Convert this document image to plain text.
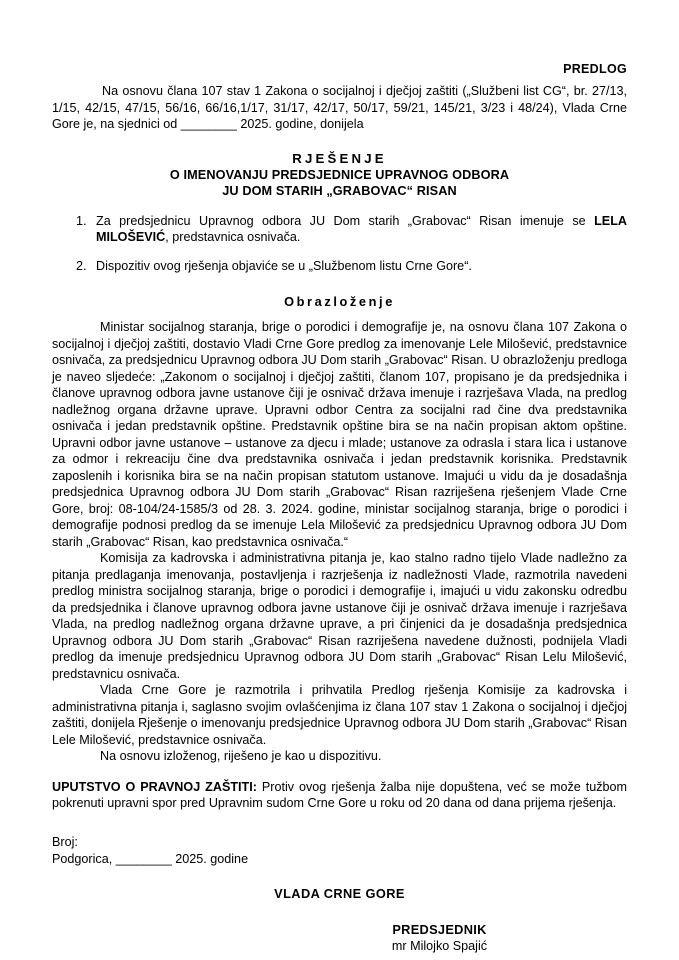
PREDLOG
Na osnovu člana 107 stav 1 Zakona o socijalnoj i dječjoj zaštiti („Službeni list CG“, br. 27/13, 1/15, 42/15, 47/15, 56/16, 66/16,1/17, 31/17, 42/17, 50/17, 59/21, 145/21, 3/23 i 48/24), Vlada Crne Gore je, na sjednici od ________ 2025. godine, donijela
RJEŠENJE
O IMENOVANJU PREDSJEDNICE UPRAVNOG ODBORA
JU DOM STARIH „GRABOVAC“ RISAN
1. Za predsjednicu Upravnog odbora JU Dom starih „Grabovac“ Risan imenuje se LELA MILOŠEVIĆ, predstavnica osnivača.
2. Dispozitiv ovog rješenja objaviće se u „Službenom listu Crne Gore“.
Obrazloženje

Ministar socijalnog staranja, brige o porodici i demografije je, na osnovu člana 107 Zakona o socijalnoj i dječjoj zaštiti, dostavio Vladi Crne Gore predlog za imenovanje Lele Milošević, predstavnice osnivača, za predsjednicu Upravnog odbora JU Dom starih „Grabovac“ Risan. U obrazloženju predloga je naveo sljedeće: „Zakonom o socijalnoj i dječjoj zaštiti, članom 107, propisano je da predsjednika i članove upravnog odbora javne ustanove čiji je osnivač država imenuje i razrješava Vlada, na predlog nadležnog organa državne uprave. Upravni odbor Centra za socijalni rad čine dva predstavnika osnivača i jedan predstavnik opštine. Predstavnik opštine bira se na način propisan aktom opštine. Upravni odbor javne ustanove – ustanove za djecu i mlade; ustanove za odrasla i stara lica i ustanove za odmor i rekreaciju čine dva predstavnika osnivača i jedan predstavnik korisnika. Predstavnik zaposlenih i korisnika bira se na način propisan statutom ustanove. Imajući u vidu da je dosadašnja predsjednica Upravnog odbora JU Dom starih „Grabovac“ Risan razriješena rješenjem Vlade Crne Gore, broj: 08-104/24-1585/3 od 28. 3. 2024. godine, ministar socijalnog staranja, brige o porodici i demografije podnosi predlog da se imenuje Lela Milošević za predsjednicu Upravnog odbora JU Dom starih „Grabovac“ Risan, kao predstavnica osnivača.“

Komisija za kadrovska i administrativna pitanja je, kao stalno radno tijelo Vlade nadležno za pitanja predlaganja imenovanja, postavljenja i razrješenja iz nadležnosti Vlade, razmotrila navedeni predlog ministra socijalnog staranja, brige o porodici i demografije i, imajući u vidu zakonsku odredbu da predsjednika i članove upravnog odbora javne ustanove čiji je osnivač država imenuje i razrješava Vlada, na predlog nadležnog organa državne uprave, a pri činjenici da je dosadašnja predsjednica Upravnog odbora JU Dom starih „Grabovac“ Risan razriješena navedene dužnosti, podnijela Vladi predlog da imenuje predsjednicu Upravnog odbora JU Dom starih „Grabovac“ Risan Lelu Milošević, predstavnicu osnivača.

Vlada Crne Gore je razmotrila i prihvatila Predlog rješenja Komisije za kadrovska i administrativna pitanja i, saglasno svojim ovlašćenjima iz člana 107 stav 1 Zakona o socijalnoj i dječjoj zaštiti, donijela Rješenje o imenovanju predsjednice Upravnog odbora JU Dom starih „Grabovac“ Risan Lele Milošević, predstavnice osnivača.

Na osnovu izloženog, riješeno je kao u dispozitivu.

UPUTSTVO O PRAVNOJ ZAŠTITI: Protiv ovog rješenja žalba nije dopuštena, već se može tužbom pokrenuti upravni spor pred Upravnim sudom Crne Gore u roku od 20 dana od dana prijema rješenja.
Broj:
Podgorica, ________ 2025. godine
VLADA CRNE GORE
PREDSJEDNIK
mr Milojko Spajić
